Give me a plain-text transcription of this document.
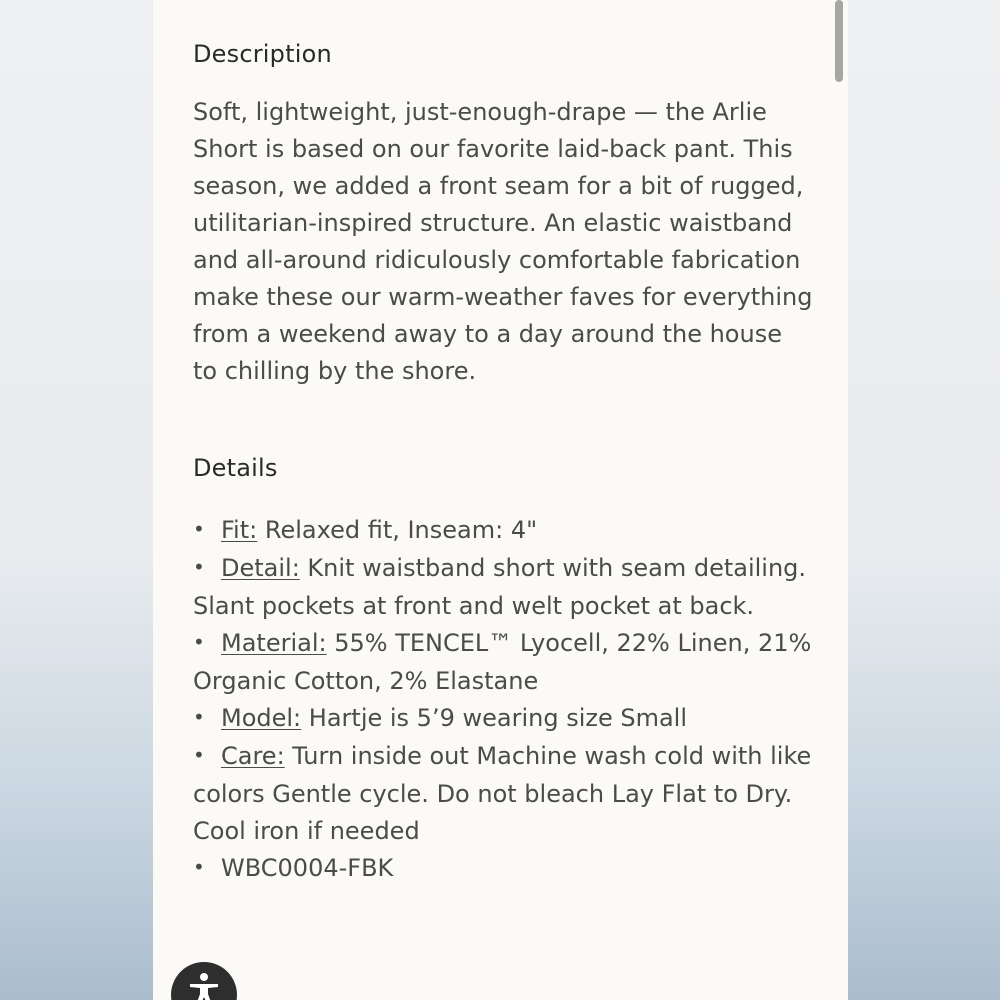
Description

Soft, lightweight, just-enough-drape — the Arlie Short is based on our favorite laid-back pant. This season, we added a front seam for a bit of rugged, utilitarian-inspired structure. An elastic waistband and all-around ridiculously comfortable fabrication make these our warm-weather faves for everything from a weekend away to a day around the house to chilling by the shore.

Details
• Fit: Relaxed fit, Inseam: 4"
• Detail: Knit waistband short with seam detailing. Slant pockets at front and welt pocket at back.
• Material: 55% TENCEL™ Lyocell, 22% Linen, 21% Organic Cotton, 2% Elastane
• Model: Hartje is 5’9 wearing size Small
• Care: Turn inside out Machine wash cold with like colors Gentle cycle. Do not bleach Lay Flat to Dry. Cool iron if needed
• WBC0004-FBK
